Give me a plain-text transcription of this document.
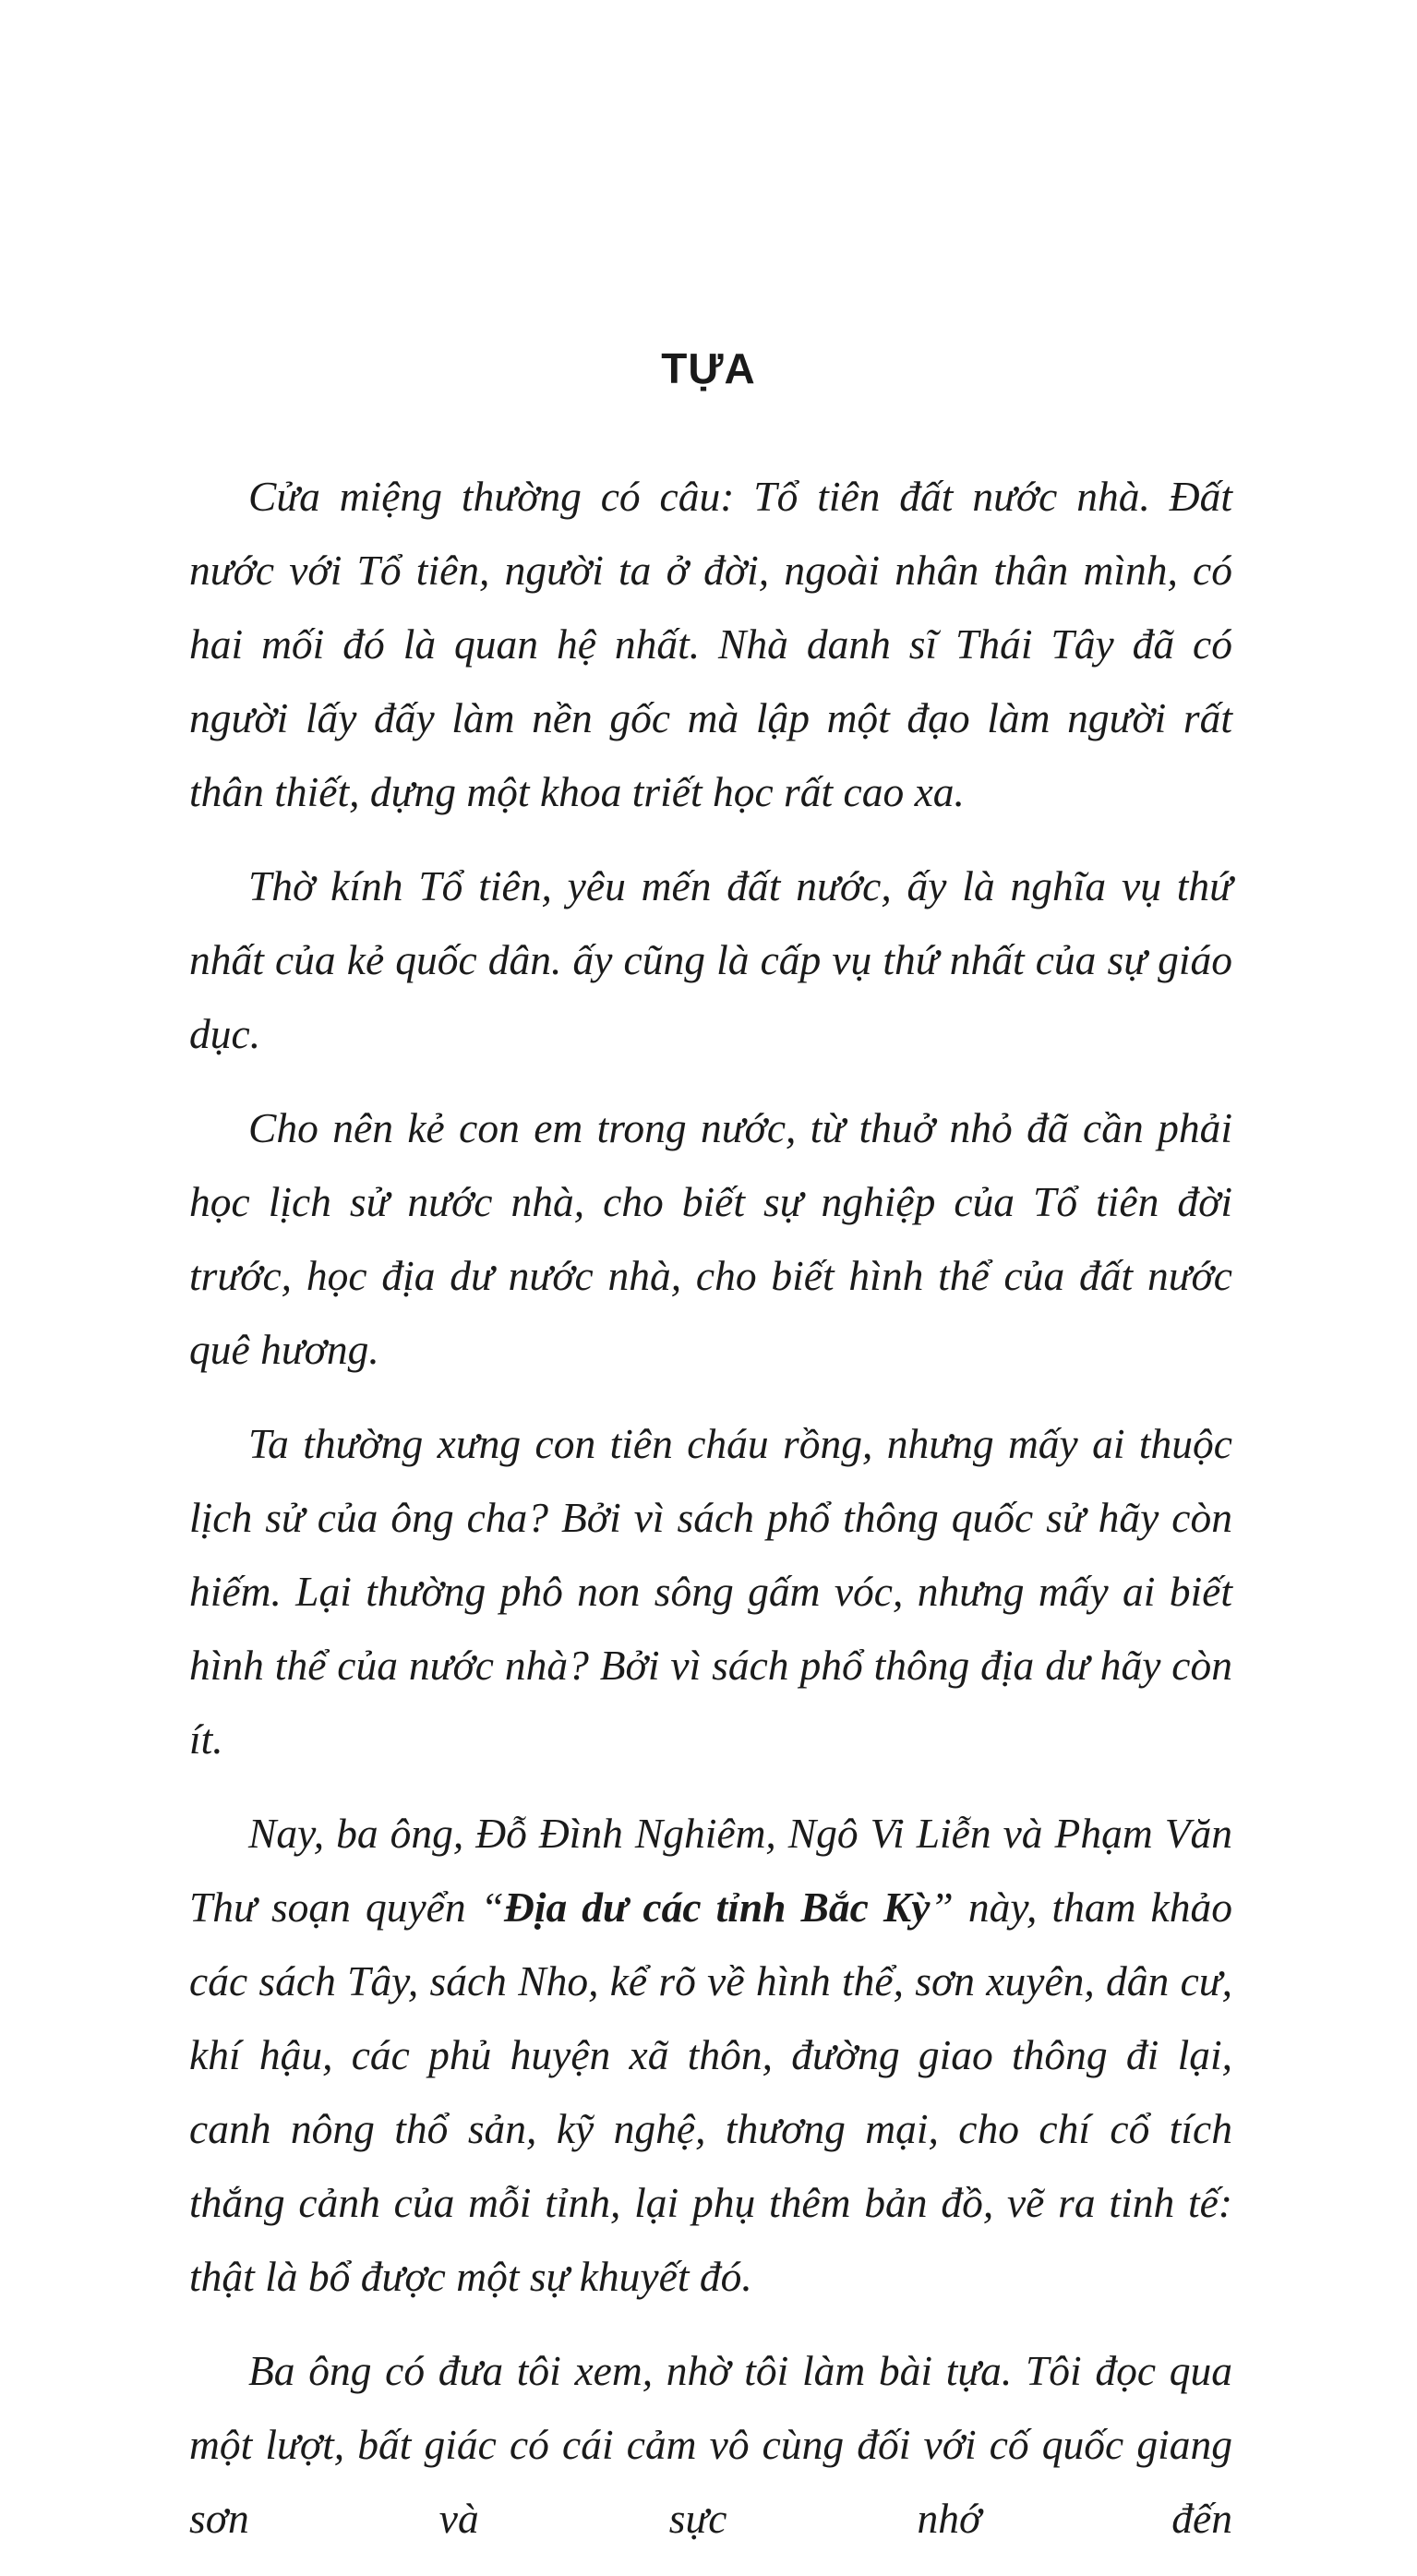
TỰA

Cửa miệng thường có câu: Tổ tiên đất nước nhà. Đất nước với Tổ tiên, người ta ở đời, ngoài nhân thân mình, có hai mối đó là quan hệ nhất. Nhà danh sĩ Thái Tây đã có người lấy đấy làm nền gốc mà lập một đạo làm người rất thân thiết, dựng một khoa triết học rất cao xa.

Thờ kính Tổ tiên, yêu mến đất nước, ấy là nghĩa vụ thứ nhất của kẻ quốc dân. ấy cũng là cấp vụ thứ nhất của sự giáo dục.

Cho nên kẻ con em trong nước, từ thuở nhỏ đã cần phải học lịch sử nước nhà, cho biết sự nghiệp của Tổ tiên đời trước, học địa dư nước nhà, cho biết hình thể của đất nước quê hương.

Ta thường xưng con tiên cháu rồng, nhưng mấy ai thuộc lịch sử của ông cha? Bởi vì sách phổ thông quốc sử hãy còn hiếm. Lại thường phô non sông gấm vóc, nhưng mấy ai biết hình thể của nước nhà? Bởi vì sách phổ thông địa dư hãy còn ít.

Nay, ba ông, Đỗ Đình Nghiêm, Ngô Vi Liễn và Phạm Văn Thư soạn quyển “Địa dư các tỉnh Bắc Kỳ” này, tham khảo các sách Tây, sách Nho, kể rõ về hình thể, sơn xuyên, dân cư, khí hậu, các phủ huyện xã thôn, đường giao thông đi lại, canh nông thổ sản, kỹ nghệ, thương mại, cho chí cổ tích thắng cảnh của mỗi tỉnh, lại phụ thêm bản đồ, vẽ ra tinh tế: thật là bổ được một sự khuyết đó.

Ba ông có đưa tôi xem, nhờ tôi làm bài tựa. Tôi đọc qua một lượt, bất giác có cái cảm vô cùng đối với cố quốc giang sơn và sực nhớ đến
